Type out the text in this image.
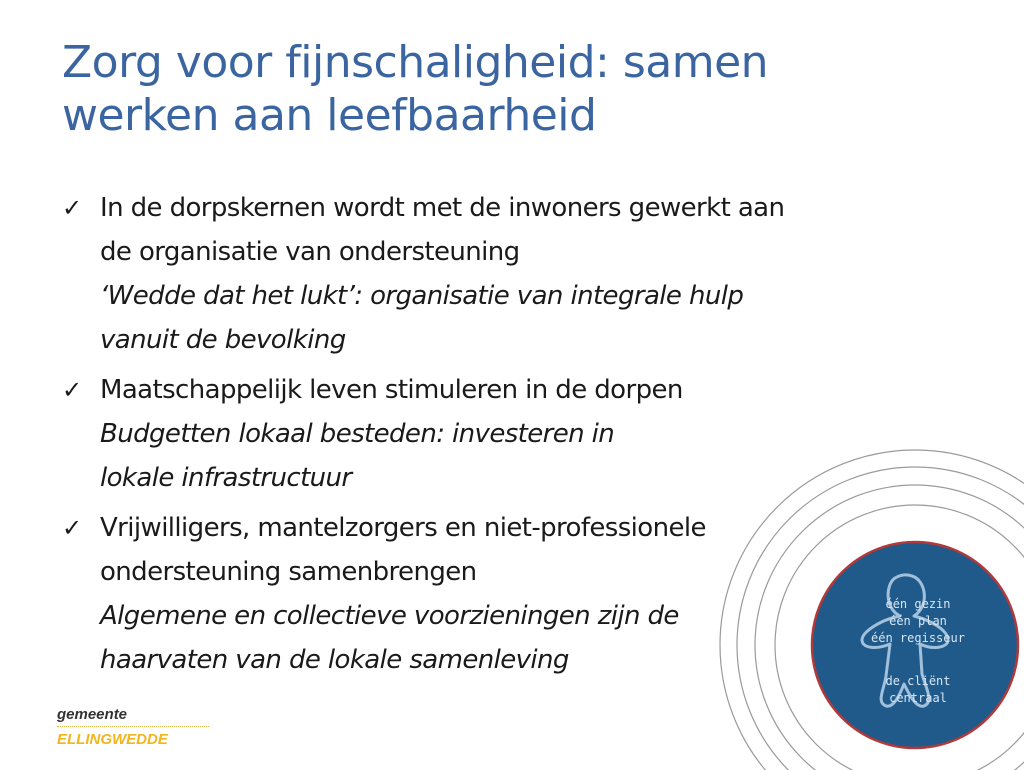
Zorg voor fijnschaligheid: samen
werken aan leefbaarheid
✓ In de dorpskernen wordt met de inwoners gewerkt aan
de organisatie van ondersteuning
‘Wedde dat het lukt’: organisatie van integrale hulp
vanuit de bevolking
✓ Maatschappelijk leven stimuleren in de dorpen
Budgetten lokaal besteden: investeren in
lokale infrastructuur
✓ Vrijwilligers, mantelzorgers en niet-professionele
ondersteuning samenbrengen
Algemene en collectieve voorzieningen zijn de
haarvaten van de lokale samenleving
één gezin
één plan
één regisseur
de cliënt
centraal
gemeente
ELLINGWEDDE
